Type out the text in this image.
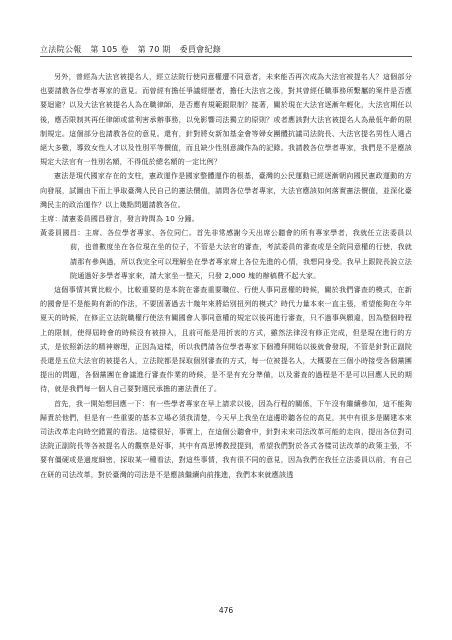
立法院公報 第 105 卷 第 70 期 委員會紀錄

另外，曾經為大法官被提名人，經立法院行使同意權遭不同意者，未來能否再次成為大法官被提名人？這個部分也要請教各位學者專家的意見。而曾經有擔任爭議經歷者，擔任大法官之後，對其曾經任職事務所繫屬的案件是否應要迴避？以及大法官被提名人為在職律師，是否應有規範跟限制？接著，關於現在大法官逐漸年輕化，大法官期任以後，應否限制其再任律師或當利害承辦事務，以免影響司法獨立的原則？或者應該對大法官被提名人為最低年齡的限制規定。這個部分也請教各位的意見。還有，針對將女新加基金會等婦女團體抗議司法院長、大法官提名男性人選占絕大多數，導致女性人才以及性別平等價值，而且缺少性別意識作為的記錄。我請教各位學者專家，我們是不是應該規定大法官有一性別名額，不得低於總名額的一定比例？

憲法是現代國家存在的支柱，憲政運作是國家整體運作的根基，臺灣的公民運動已經逐漸朝向國民憲政運動的方向發展，試圖由下而上爭取臺灣人民自己的憲法價值，請問各位學者專家，大法官應該如何落實憲法價值，並深化臺灣民主的政治運作？以上幾點問題請教各位。

主席：請憲委員國昌發言，發言時間為 10 分鐘。

黃委員國昌：主席、各位學者專家、各位同仁。首先非常感謝今天出席公聽會的所有專家學者，我就任立法委員以前，也曾數度坐在各位現在坐的位子，不管是大法官的審查，考試委員的審查或是全院同意權的行使，我就請那有參與過，所以我完全可以理解坐在學者專家席上各位先進的心情，我想同身受。我早上跟院長說立法院通過好多學者專家來，請大家坐一整天，只發 2,000 塊的辦稿費不起大家。

這個事情其實比較小，比較重要的是本院在審查重要職位、行使人事同意權的時候，關於我們審查的模式，在新的國會是不是能夠有新的作法，不要固著過去十幾年來將給別扭列的模式？時代力量本來一直主張，希望能夠在今年夏天的時候，在修正立法院職權行使法有關國會人事同意權的規定以後再進行審查，只不過事與願違，因為整個時程上的限制，使得屆時會的時候沒有被排入，且前可能是用折衷的方式，雖然法律沒有修正完成，但是現在進行的方式，是依照新法的精神辦理，正因為這樣，所以我們請各位學者專家下個禮拜開始以後就會發現，不管是針對正副院長還是五位大法官的被提名人，立法院都是採取個別審查的方式，每一位被提名人，大概要在三個小時接受各個黨團提出的問題，各個黨團在會議進行審查作業的時候，是不是有充分準備，以及審查的過程是不是可以回應人民的期待，就是我們每一個人自己要對選民承擔的憲法責任了。

首先，我一開始想回應一下：有一些學者專家在早上請求以後，因為行程的關係，下午沒有繼續參加，這不能夠歸責於他們，但是有一些重要的基本立場必須我清楚，今天早上我坐在這邊聆聽各位的高見，其中有很多是關建本來司法改革走向時空錯置的看法。這樣很好，事實上，在這個公聽會中，針對未來司法改革可能的走向，提出各位對司法院正副院長等各被提名人的觀察是好事，其中有高思博教授提到，希望我們對於各式各樣司法改革的政策主張，不要有僵硬或是過度細密，採取某一種看法，對這些事情，我有很不同的意見，因為我們在我任立法委員以前，有自己在研的司法改革，對於臺灣的司法是不是應該繼續向前推進，我們本來就應該透

476
